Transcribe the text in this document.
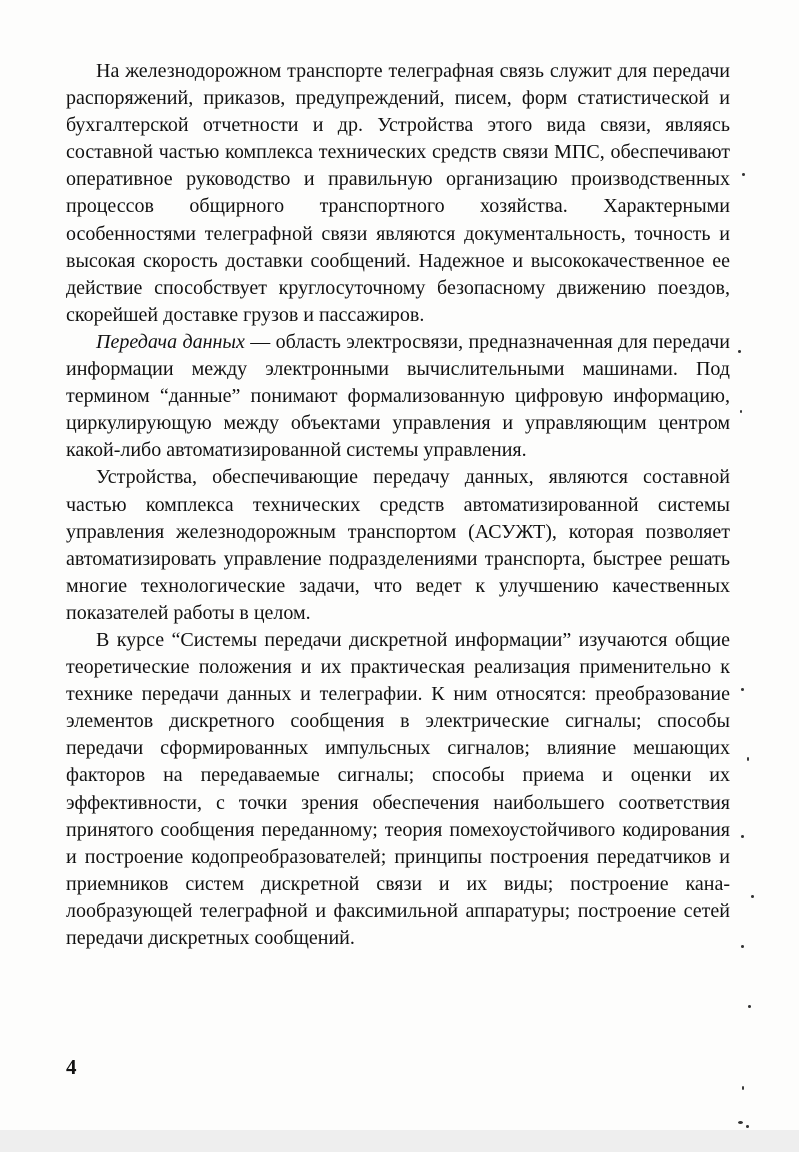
На железнодорожном транспорте телеграфная связь служит для передачи распоряжений, приказов, предупреждений, писем, форм статистической и бухгалтерской отчетности и др. Устройства этого вида связи, являясь составной частью комплекса технических средств связи МПС, обеспечивают оперативное руководство и правильную организацию производственных процессов общирного транспортного хозяйства. Характерными особенностями телеграфной связи являются документальность, точность и высокая скорость доставки сообщений. Надежное и высококачественное ее действие способствует круглосуточному безопасному движению поездов, скорейшей доставке грузов и пассажиров.

Передача данных — область электросвязи, предназначенная для передачи информации между электронными вычислительными машинами. Под термином “данные” понимают формализованную цифровую информацию, циркулирующую между объектами управления и управляющим центром какой-либо автоматизированной системы управления.

Устройства, обеспечивающие передачу данных, являются составной частью комплекса технических средств автоматизированной системы управления железнодорожным транспортом (АСУЖТ), которая позволяет автоматизировать управление подразделениями транспорта, быстрее решать многие технологические задачи, что ведет к улучшению качественных показателей работы в целом.

В курсе “Системы передачи дискретной информации” изучаются общие теоретические положения и их практическая реализация применительно к технике передачи данных и телеграфии. К ним относятся: преобразование элементов дискретного сообщения в электрические сигналы; способы передачи сформированных импульсных сигналов; влияние мешающих факторов на передаваемые сигналы; способы приема и оценки их эффективности, с точки зрения обеспечения наибольшего соответствия принятого сообщения переданному; теория помехоустойчивого кодирования и построение кодопреобразователей; принципы построения передатчиков и приемников систем дискретной связи и их виды; построение каналообразующей телеграфной и факсимильной аппаратуры; построение сетей передачи дискретных сообщений.

4
